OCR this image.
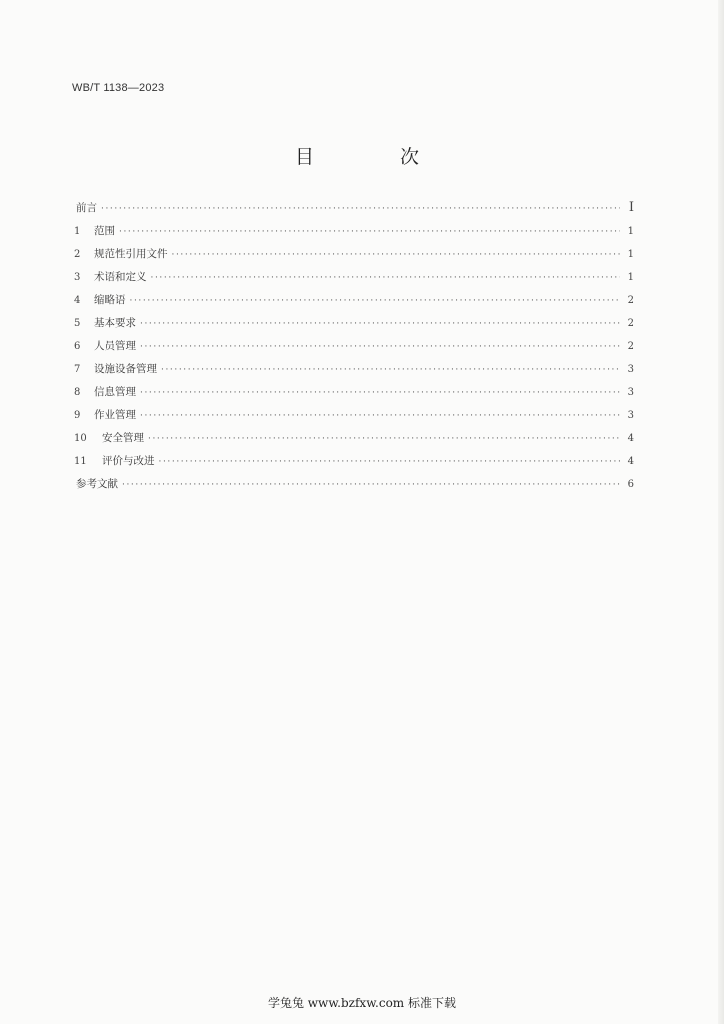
WB/T 1138—2023
目 次
前言 ·····	I
1	范围 ·····	1
2	规范性引用文件 ·····	1
3	术语和定义 ·····	1
4	缩略语 ·····	2
5	基本要求 ·····	2
6	人员管理 ·····	2
7	设施设备管理 ·····	3
8	信息管理 ·····	3
9	作业管理 ·····	3
10	安全管理 ·····	4
11	评价与改进 ·····	4
参考文献 ·····	6
学兔兔 www.bzfxw.com 标准下载
